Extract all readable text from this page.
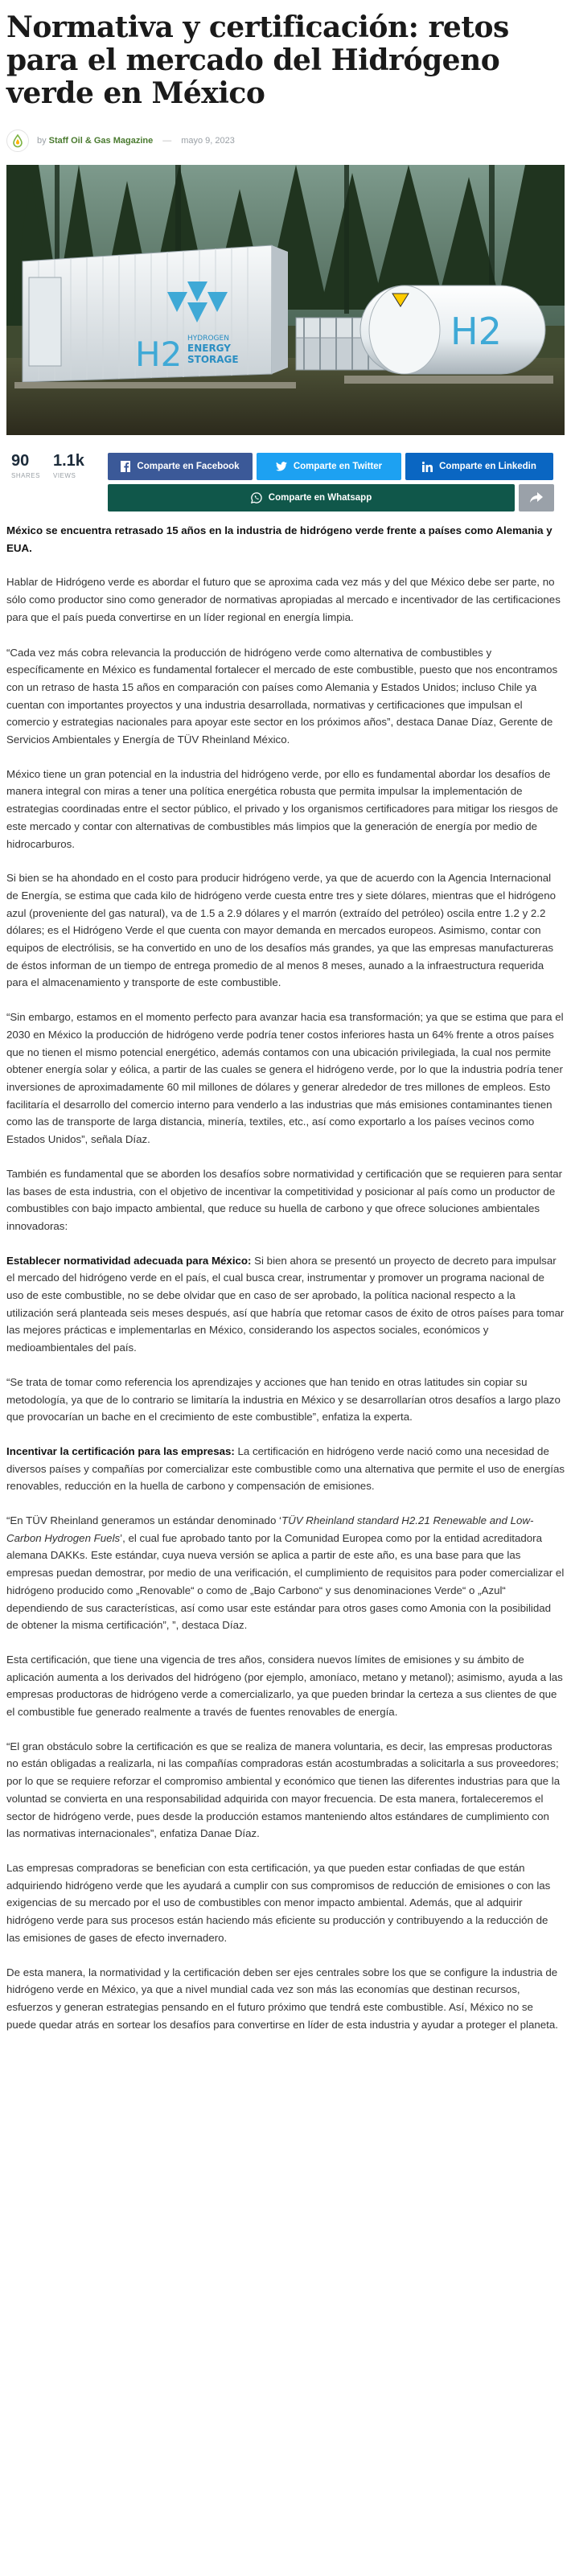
Normativa y certificación: retos para el mercado del Hidrógeno verde en México
by Staff Oil & Gas Magazine — mayo 9, 2023
HYDROGEN
ENERGY
STORAGE
H2
H2
90
SHARES
1.1k
VIEWS
Comparte en Facebook	Comparte en Twitter	Comparte en Linkedin
Comparte en Whatsapp

México se encuentra retrasado 15 años en la industria de hidrógeno verde frente a países como Alemania y EUA.

Hablar de Hidrógeno verde es abordar el futuro que se aproxima cada vez más y del que México debe ser parte, no sólo como productor sino como generador de normativas apropiadas al mercado e incentivador de las certificaciones para que el país pueda convertirse en un líder regional en energía limpia.

“Cada vez más cobra relevancia la producción de hidrógeno verde como alternativa de combustibles y específicamente en México es fundamental fortalecer el mercado de este combustible, puesto que nos encontramos con un retraso de hasta 15 años en comparación con países como Alemania y Estados Unidos; incluso Chile ya cuentan con importantes proyectos y una industria desarrollada, normativas y certificaciones que impulsan el comercio y estrategias nacionales para apoyar este sector en los próximos años”, destaca Danae Díaz, Gerente de Servicios Ambientales y Energía de TÜV Rheinland México.

México tiene un gran potencial en la industria del hidrógeno verde, por ello es fundamental abordar los desafíos de manera integral con miras a tener una política energética robusta que permita impulsar la implementación de estrategias coordinadas entre el sector público, el privado y los organismos certificadores para mitigar los riesgos de este mercado y contar con alternativas de combustibles más limpios que la generación de energía por medio de hidrocarburos.

Si bien se ha ahondado en el costo para producir hidrógeno verde, ya que de acuerdo con la Agencia Internacional de Energía, se estima que cada kilo de hidrógeno verde cuesta entre tres y siete dólares, mientras que el hidrógeno azul (proveniente del gas natural), va de 1.5 a 2.9 dólares y el marrón (extraído del petróleo) oscila entre 1.2 y 2.2 dólares; es el Hidrógeno Verde el que cuenta con mayor demanda en mercados europeos. Asimismo, contar con equipos de electrólisis, se ha convertido en uno de los desafíos más grandes, ya que las empresas manufactureras de éstos informan de un tiempo de entrega promedio de al menos 8 meses, aunado a la infraestructura requerida para el almacenamiento y transporte de este combustible.

“Sin embargo, estamos en el momento perfecto para avanzar hacia esa transformación; ya que se estima que para el 2030 en México la producción de hidrógeno verde podría tener costos inferiores hasta un 64% frente a otros países que no tienen el mismo potencial energético, además contamos con una ubicación privilegiada, la cual nos permite obtener energía solar y eólica, a partir de las cuales se genera el hidrógeno verde, por lo que la industria podría tener inversiones de aproximadamente 60 mil millones de dólares y generar alrededor de tres millones de empleos. Esto facilitaría el desarrollo del comercio interno para venderlo a las industrias que más emisiones contaminantes tienen como las de transporte de larga distancia, minería, textiles, etc., así como exportarlo a los países vecinos como Estados Unidos”, señala Díaz.

También es fundamental que se aborden los desafíos sobre normatividad y certificación que se requieren para sentar las bases de esta industria, con el objetivo de incentivar la competitividad y posicionar al país como un productor de combustibles con bajo impacto ambiental, que reduce su huella de carbono y que ofrece soluciones ambientales innovadoras:

Establecer normatividad adecuada para México: Si bien ahora se presentó un proyecto de decreto para impulsar el mercado del hidrógeno verde en el país, el cual busca crear, instrumentar y promover un programa nacional de uso de este combustible, no se debe olvidar que en caso de ser aprobado, la política nacional respecto a la utilización será planteada seis meses después, así que habría que retomar casos de éxito de otros países para tomar las mejores prácticas e implementarlas en México, considerando los aspectos sociales, económicos y medioambientales del país.

“Se trata de tomar como referencia los aprendizajes y acciones que han tenido en otras latitudes sin copiar su metodología, ya que de lo contrario se limitaría la industria en México y se desarrollarían otros desafíos a largo plazo que provocarían un bache en el crecimiento de este combustible”, enfatiza la experta.

Incentivar la certificación para las empresas: La certificación en hidrógeno verde nació como una necesidad de diversos países y compañías por comercializar este combustible como una alternativa que permite el uso de energías renovables, reducción en la huella de carbono y compensación de emisiones.

“En TÜV Rheinland generamos un estándar denominado ‘TÜV Rheinland standard H2.21 Renewable and Low-Carbon Hydrogen Fuels’, el cual fue aprobado tanto por la Comunidad Europea como por la entidad acreditadora alemana DAKKs. Este estándar, cuya nueva versión se aplica a partir de este año, es una base para que las empresas puedan demostrar, por medio de una verificación, el cumplimiento de requisitos para poder comercializar el hidrógeno producido como „Renovable“ o como de „Bajo Carbono“ y sus denominaciones Verde“ o „Azul“ dependiendo de sus características, así como usar este estándar para otros gases como Amonia con la posibilidad de obtener la misma certificación”, ”, destaca Díaz.

Esta certificación, que tiene una vigencia de tres años, considera nuevos límites de emisiones y su ámbito de aplicación aumenta a los derivados del hidrógeno (por ejemplo, amoníaco, metano y metanol); asimismo, ayuda a las empresas productoras de hidrógeno verde a comercializarlo, ya que pueden brindar la certeza a sus clientes de que el combustible fue generado realmente a través de fuentes renovables de energía.

“El gran obstáculo sobre la certificación es que se realiza de manera voluntaria, es decir, las empresas productoras no están obligadas a realizarla, ni las compañías compradoras están acostumbradas a solicitarla a sus proveedores; por lo que se requiere reforzar el compromiso ambiental y económico que tienen las diferentes industrias para que la voluntad se convierta en una responsabilidad adquirida con mayor frecuencia. De esta manera, fortaleceremos el sector de hidrógeno verde, pues desde la producción estamos manteniendo altos estándares de cumplimiento con las normativas internacionales”, enfatiza Danae Díaz.

Las empresas compradoras se benefician con esta certificación, ya que pueden estar confiadas de que están adquiriendo hidrógeno verde que les ayudará a cumplir con sus compromisos de reducción de emisiones o con las exigencias de su mercado por el uso de combustibles con menor impacto ambiental. Además, que al adquirir hidrógeno verde para sus procesos están haciendo más eficiente su producción y contribuyendo a la reducción de las emisiones de gases de efecto invernadero.

De esta manera, la normatividad y la certificación deben ser ejes centrales sobre los que se configure la industria de hidrógeno verde en México, ya que a nivel mundial cada vez son más las economías que destinan recursos, esfuerzos y generan estrategias pensando en el futuro próximo que tendrá este combustible. Así, México no se puede quedar atrás en sortear los desafíos para convertirse en líder de esta industria y ayudar a proteger el planeta.
